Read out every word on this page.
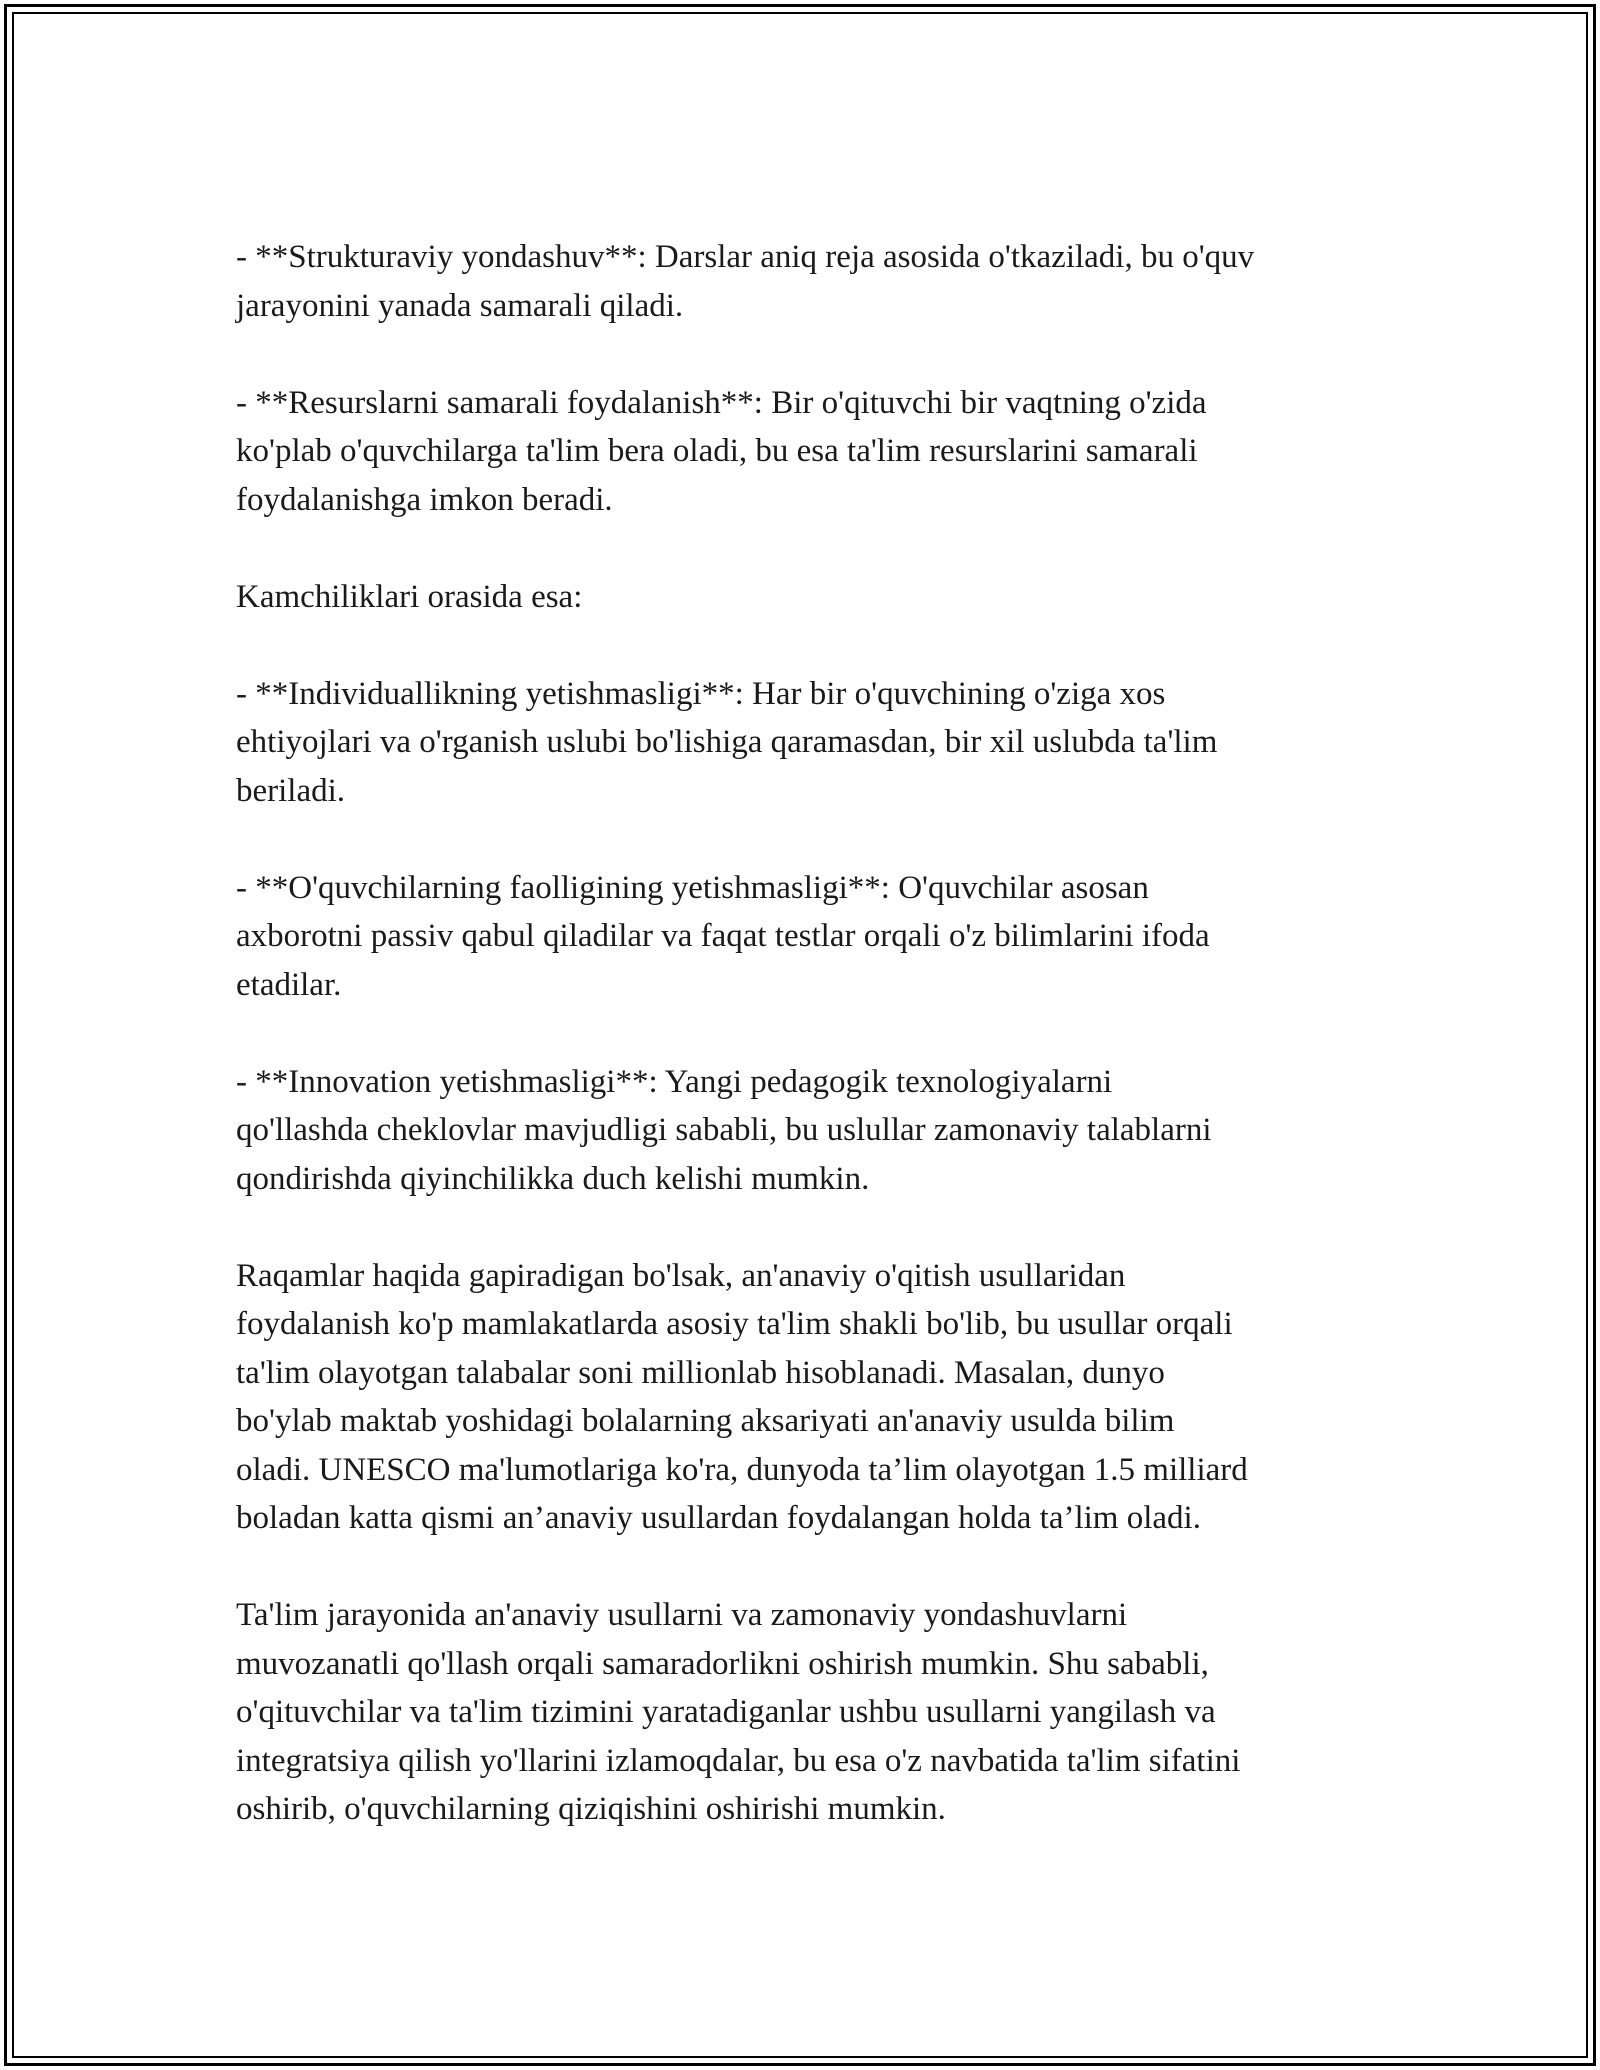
- **Strukturaviy yondashuv**: Darslar aniq reja asosida o'tkaziladi, bu o'quv
jarayonini yanada samarali qiladi.

- **Resurslarni samarali foydalanish**: Bir o'qituvchi bir vaqtning o'zida
ko'plab o'quvchilarga ta'lim bera oladi, bu esa ta'lim resurslarini samarali
foydalanishga imkon beradi.

Kamchiliklari orasida esa:

- **Individuallikning yetishmasligi**: Har bir o'quvchining o'ziga xos
ehtiyojlari va o'rganish uslubi bo'lishiga qaramasdan, bir xil uslubda ta'lim
beriladi.

- **O'quvchilarning faolligining yetishmasligi**: O'quvchilar asosan
axborotni passiv qabul qiladilar va faqat testlar orqali o'z bilimlarini ifoda
etadilar.

- **Innovation yetishmasligi**: Yangi pedagogik texnologiyalarni
qo'llashda cheklovlar mavjudligi sababli, bu uslullar zamonaviy talablarni
qondirishda qiyinchilikka duch kelishi mumkin.

Raqamlar haqida gapiradigan bo'lsak, an'anaviy o'qitish usullaridan
foydalanish ko'p mamlakatlarda asosiy ta'lim shakli bo'lib, bu usullar orqali
ta'lim olayotgan talabalar soni millionlab hisoblanadi. Masalan, dunyo
bo'ylab maktab yoshidagi bolalarning aksariyati an'anaviy usulda bilim
oladi. UNESCO ma'lumotlariga ko'ra, dunyoda ta’lim olayotgan 1.5 milliard
boladan katta qismi an’anaviy usullardan foydalangan holda ta’lim oladi.

Ta'lim jarayonida an'anaviy usullarni va zamonaviy yondashuvlarni
muvozanatli qo'llash orqali samaradorlikni oshirish mumkin. Shu sababli,
o'qituvchilar va ta'lim tizimini yaratadiganlar ushbu usullarni yangilash va
integratsiya qilish yo'llarini izlamoqdalar, bu esa o'z navbatida ta'lim sifatini
oshirib, o'quvchilarning qiziqishini oshirishi mumkin.
